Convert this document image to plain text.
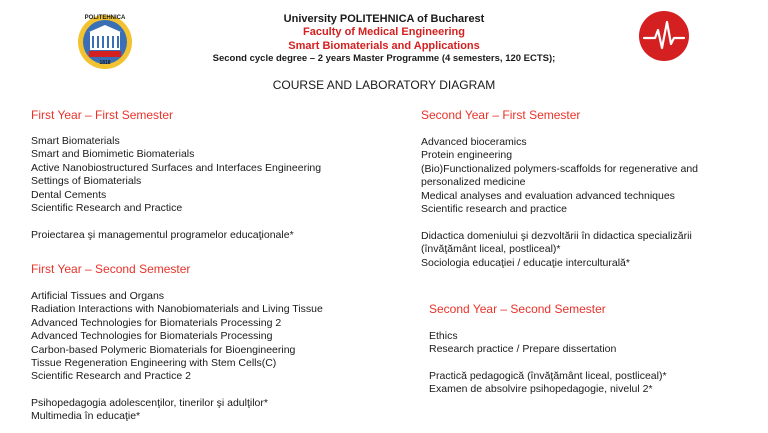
POLITEHNICA
1818
University POLITEHNICA of Bucharest
Faculty of Medical Engineering
Smart Biomaterials and Applications
Second cycle degree – 2 years Master Programme (4 semesters, 120 ECTS);
COURSE AND LABORATORY DIAGRAM
First Year – First Semester
Smart Biomaterials
Smart and Biomimetic Biomaterials
Active Nanobiostructured Surfaces and Interfaces Engineering
Settings of Biomaterials
Dental Cements
Scientific Research and Practice
Proiectarea şi managementul programelor educaţionale*
First Year – Second Semester
Artificial Tissues and Organs
Radiation Interactions with Nanobiomaterials and Living Tissue
Advanced Technologies for Biomaterials Processing 2
Advanced Technologies for Biomaterials Processing
Carbon-based Polymeric Biomaterials for Bioengineering
Tissue Regeneration Engineering with Stem Cells(C)
Scientific Research and Practice 2
Psihopedagogia adolescenţilor, tinerilor şi adulţilor*
Multimedia în educaţie*
Second Year – First Semester
Advanced bioceramics
Protein engineering
(Bio)Functionalized polymers-scaffolds for regenerative and
personalized medicine
Medical analyses and evaluation advanced techniques
Scientific research and practice
Didactica domeniului şi dezvoltării în didactica specializării
(învăţământ liceal, postliceal)*
Sociologia educaţiei / educaţie interculturală*
Second Year – Second Semester
Ethics
Research practice / Prepare dissertation
Practică pedagogică (învăţământ liceal, postliceal)*
Examen de absolvire psihopedagogie, nivelul 2*
